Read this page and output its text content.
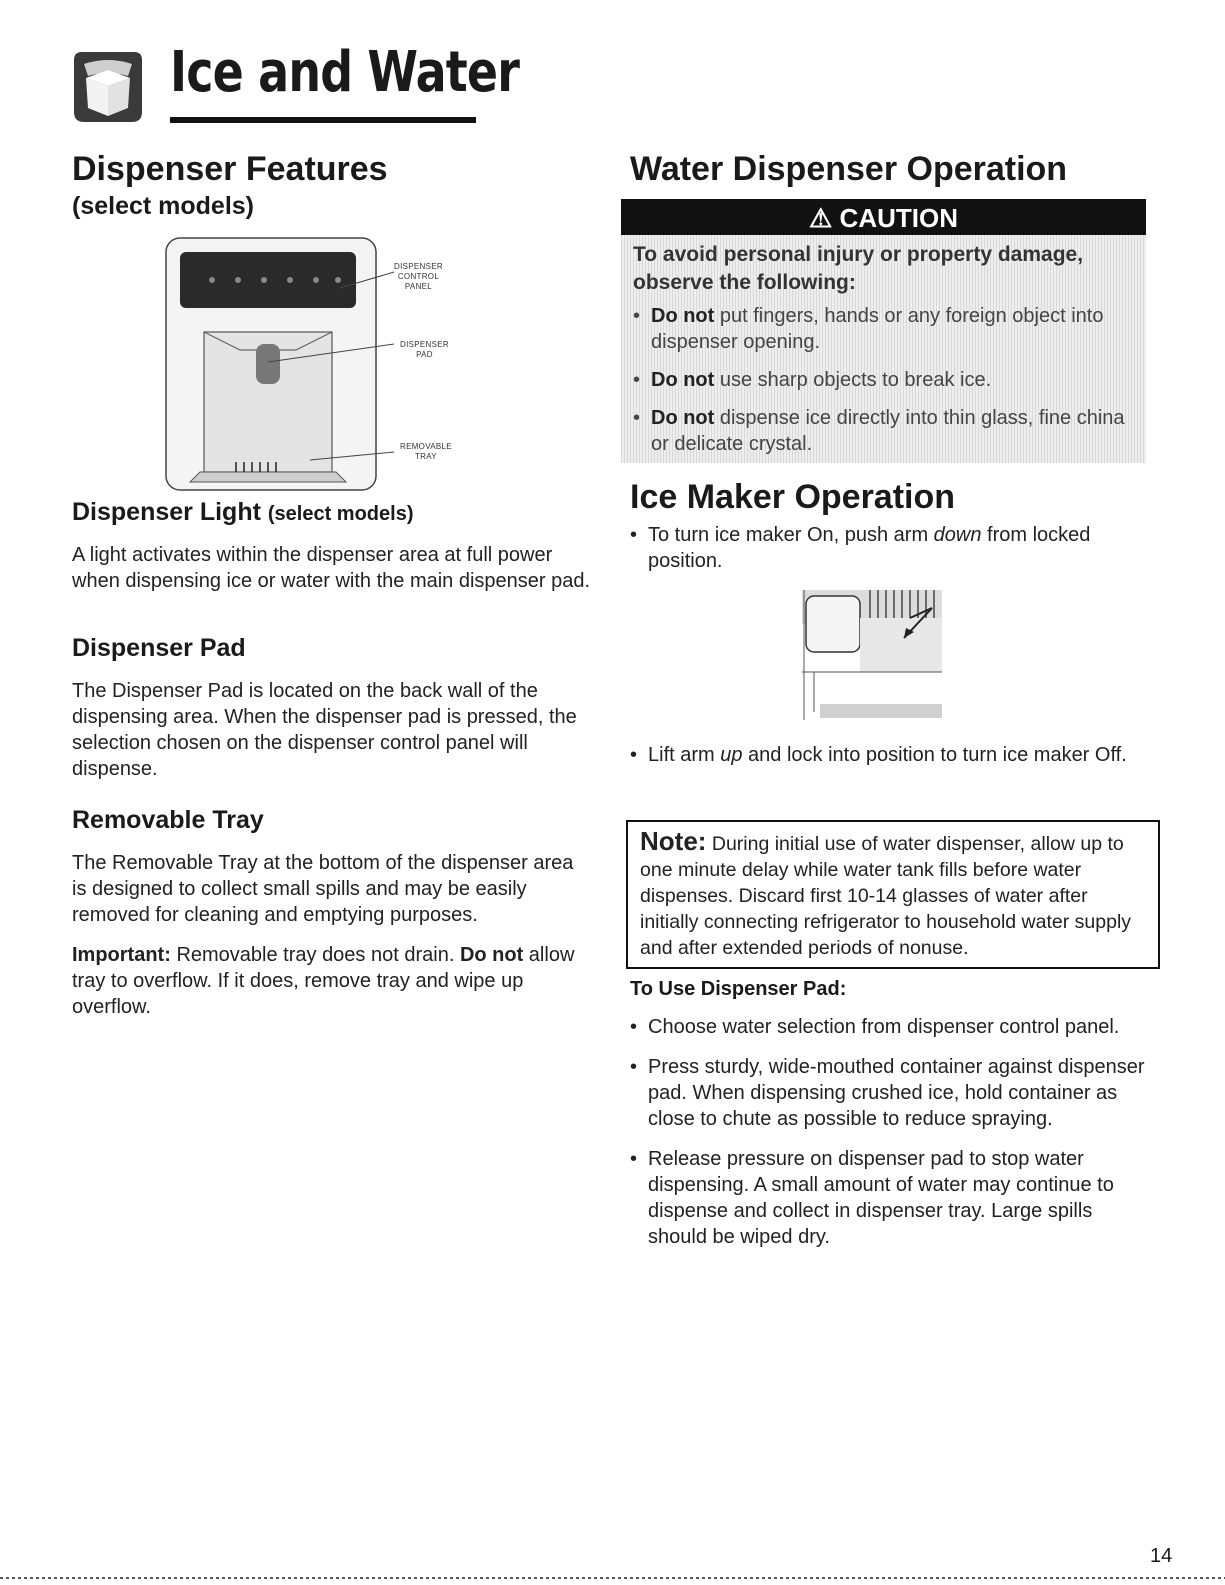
Ice and Water
Dispenser Features
(select models)
DISPENSER
CONTROL
PANEL
DISPENSER
PAD
REMOVABLE
TRAY
Dispenser Light (select models)

A light activates within the dispenser area at full power when dispensing ice or water with the main dispenser pad.

Dispenser Pad

The Dispenser Pad is located on the back wall of the dispensing area. When the dispenser pad is pressed, the selection chosen on the dispenser control panel will dispense.

Removable Tray

The Removable Tray at the bottom of the dispenser area is designed to collect small spills and may be easily removed for cleaning and emptying purposes.

Important: Removable tray does not drain. Do not allow tray to overflow. If it does, remove tray and wipe up overflow.

Water Dispenser Operation
⚠ CAUTION
To avoid personal injury or property damage, observe the following:
• Do not put fingers, hands or any foreign object into dispenser opening.
• Do not use sharp objects to break ice.
• Do not dispense ice directly into thin glass, fine china or delicate crystal.
Ice Maker Operation
• To turn ice maker On, push arm down from locked position.
• Lift arm up and lock into position to turn ice maker Off.
Note: During initial use of water dispenser, allow up to one minute delay while water tank fills before water dispenses. Discard first 10-14 glasses of water after initially connecting refrigerator to household water supply and after extended periods of nonuse.
To Use Dispenser Pad:
• Choose water selection from dispenser control panel.
• Press sturdy, wide-mouthed container against dispenser pad. When dispensing crushed ice, hold container as close to chute as possible to reduce spraying.
• Release pressure on dispenser pad to stop water dispensing. A small amount of water may continue to dispense and collect in dispenser tray. Large spills should be wiped dry.
14
